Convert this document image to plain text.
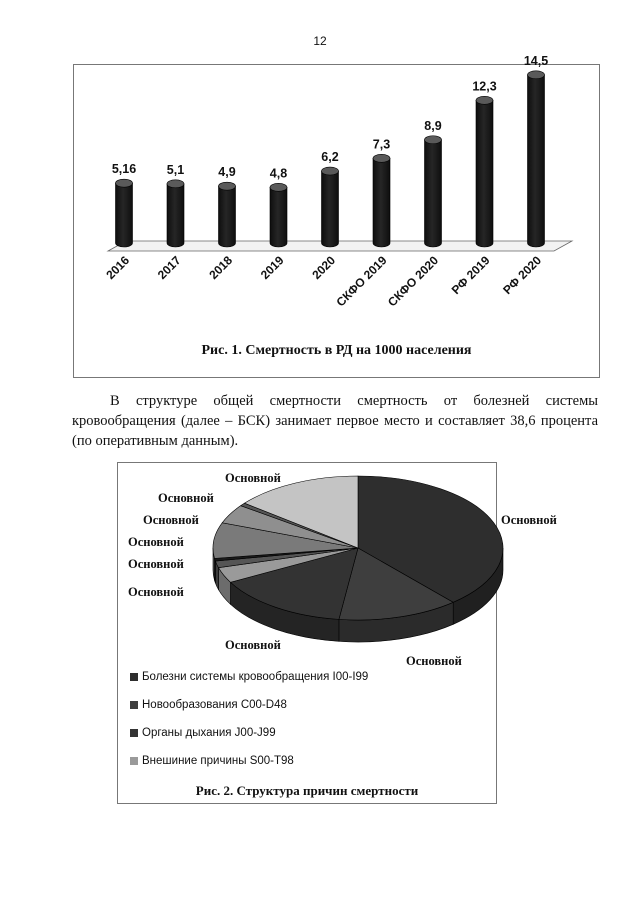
12
5,16
2016
5,1
2017
4,9
2018
4,8
2019
6,2
2020
7,3
СКФО 2019
8,9
СКФО 2020
12,3
РФ 2019
14,5
РФ 2020
Рис. 1. Смертность в РД на 1000 населения

В структуре общей смертности смертность от болезней системы кровообращения (далее – БСК) занимает первое место и составляет 38,6 процента (по оперативным данным).

Основной
Основной
Основной
Основной
Основной
Основной
Основной
Основной
Основной
Болезни системы кровообращения I00-I99
Новообразования С00-D48
Органы дыхания J00-J99
Внешиние причины S00-T98
Рис. 2. Структура причин смертности
